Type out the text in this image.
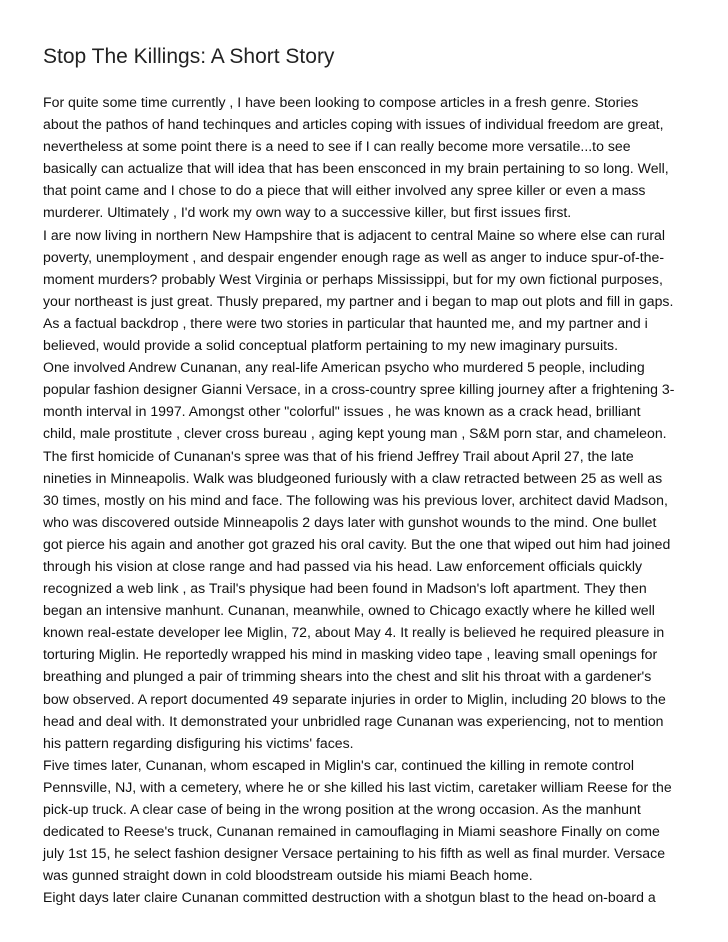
Stop The Killings: A Short Story
For quite some time currently , I have been looking to compose articles in a fresh genre. Stories
about the pathos of hand techinques and articles coping with issues of individual freedom are great,
nevertheless at some point there is a need to see if I can really become more versatile...to see
basically can actualize that will idea that has been ensconced in my brain pertaining to so long. Well,
that point came and I chose to do a piece that will either involved any spree killer or even a mass
murderer. Ultimately , I'd work my own way to a successive killer, but first issues first.
I are now living in northern New Hampshire that is adjacent to central Maine so where else can rural
poverty, unemployment , and despair engender enough rage as well as anger to induce spur-of-the-
moment murders? probably West Virginia or perhaps Mississippi, but for my own fictional purposes,
your northeast is just great. Thusly prepared, my partner and i began to map out plots and fill in gaps.
As a factual backdrop , there were two stories in particular that haunted me, and my partner and i
believed, would provide a solid conceptual platform pertaining to my new imaginary pursuits.
One involved Andrew Cunanan, any real-life American psycho who murdered 5 people, including
popular fashion designer Gianni Versace, in a cross-country spree killing journey after a frightening 3-
month interval in 1997. Amongst other "colorful" issues , he was known as a crack head, brilliant
child, male prostitute , clever cross bureau , aging kept young man , S&M porn star, and chameleon.
The first homicide of Cunanan's spree was that of his friend Jeffrey Trail about April 27, the late
nineties in Minneapolis. Walk was bludgeoned furiously with a claw retracted between 25 as well as
30 times, mostly on his mind and face. The following was his previous lover, architect david Madson,
who was discovered outside Minneapolis 2 days later with gunshot wounds to the mind. One bullet
got pierce his again and another got grazed his oral cavity. But the one that wiped out him had joined
through his vision at close range and had passed via his head. Law enforcement officials quickly
recognized a web link , as Trail's physique had been found in Madson's loft apartment. They then
began an intensive manhunt. Cunanan, meanwhile, owned to Chicago exactly where he killed well
known real-estate developer lee Miglin, 72, about May 4. It really is believed he required pleasure in
torturing Miglin. He reportedly wrapped his mind in masking video tape , leaving small openings for
breathing and plunged a pair of trimming shears into the chest and slit his throat with a gardener's
bow observed. A report documented 49 separate injuries in order to Miglin, including 20 blows to the
head and deal with. It demonstrated your unbridled rage Cunanan was experiencing, not to mention
his pattern regarding disfiguring his victims' faces.
Five times later, Cunanan, whom escaped in Miglin's car, continued the killing in remote control
Pennsville, NJ, with a cemetery, where he or she killed his last victim, caretaker william Reese for the
pick-up truck. A clear case of being in the wrong position at the wrong occasion. As the manhunt
dedicated to Reese's truck, Cunanan remained in camouflaging in Miami seashore Finally on come
july 1st 15, he select fashion designer Versace pertaining to his fifth as well as final murder. Versace
was gunned straight down in cold bloodstream outside his miami Beach home.
Eight days later claire Cunanan committed destruction with a shotgun blast to the head on-board a
